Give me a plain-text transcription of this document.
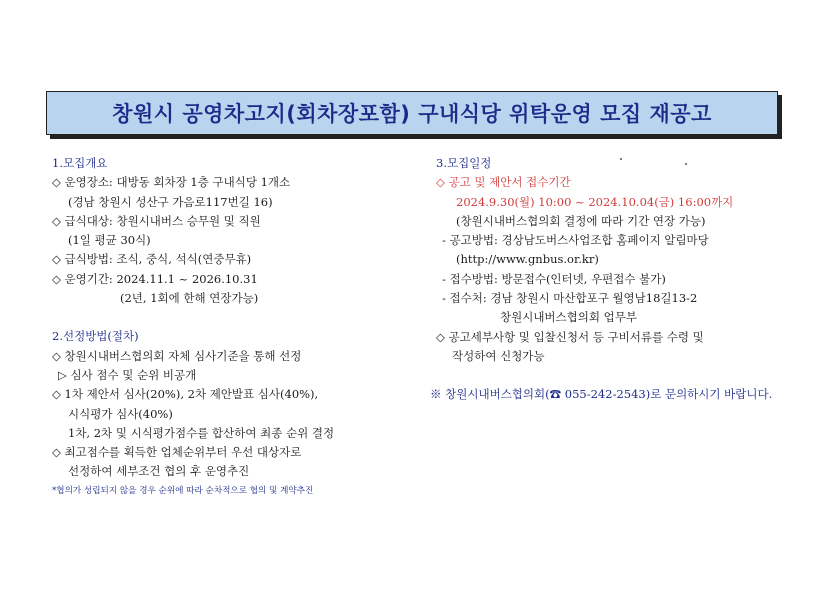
창원시 공영차고지(회차장포함) 구내식당 위탁운영 모집 재공고
1.모집개요
◇ 운영장소: 대방동 회차장 1층 구내식당 1개소
(경남 창원시 성산구 가음로117번길 16)
◇ 급식대상: 창원시내버스 승무원 및 직원
(1일 평균 30식)
◇ 급식방법: 조식, 중식, 석식(연중무휴)
◇ 운영기간: 2024.11.1 ~ 2026.10.31
(2년, 1회에 한해 연장가능)
2.선정방법(절차)
◇ 창원시내버스협의회 자체 심사기준을 통해 선정
▷ 심사 점수 및 순위 비공개
◇ 1차 제안서 심사(20%), 2차 제안발표 심사(40%),
시식평가 심사(40%)
1차, 2차 및 시식평가점수를 합산하여 최종 순위 결정
◇ 최고점수를 획득한 업체순위부터 우선 대상자로
선정하여 세부조건 협의 후 운영추진
*협의가 성립되지 않을 경우 순위에 따라 순차적으로 협의 및 계약추진
3.모집일정
◇ 공고 및 제안서 접수기간
2024.9.30(월) 10:00 ~ 2024.10.04(금) 16:00까지
(창원시내버스협의회 결정에 따라 기간 연장 가능)
- 공고방법: 경상남도버스사업조합 홈페이지 알림마당
(http://www.gnbus.or.kr)
- 접수방법: 방문접수(인터넷, 우편접수 불가)
- 접수처: 경남 창원시 마산합포구 월영남18길13-2
창원시내버스협의회 업무부
◇ 공고세부사항 및 입찰신청서 등 구비서류를 수령 및
작성하여 신청가능
※ 창원시내버스협의회(☎ 055-242-2543)로 문의하시기 바랍니다.
